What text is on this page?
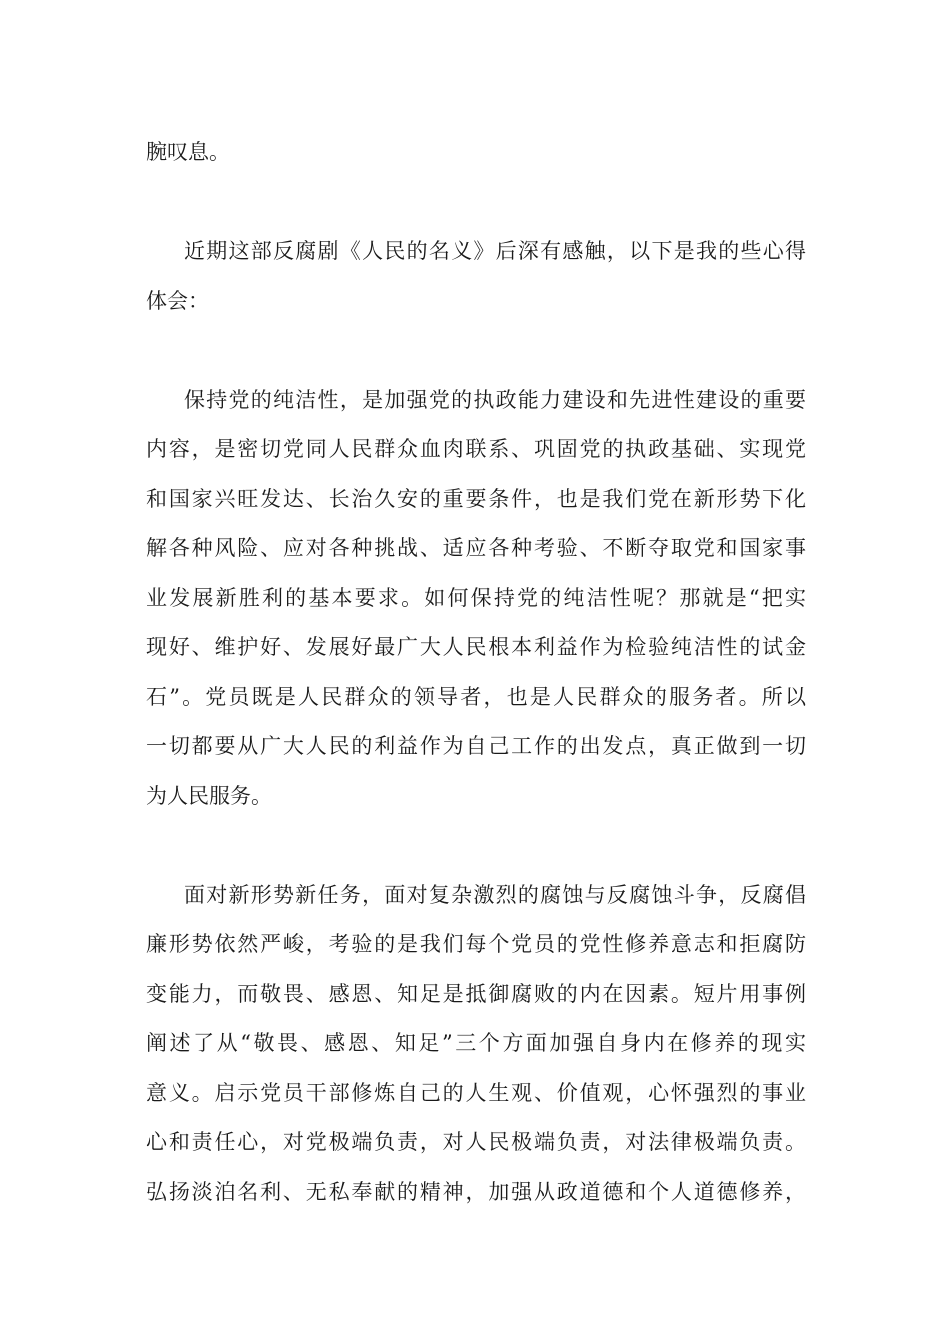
腕叹息。
近期这部反腐剧《人民的名义》后深有感触，以下是我的些心得
体会：
保持党的纯洁性，是加强党的执政能力建设和先进性建设的重要
内容，是密切党同人民群众血肉联系、巩固党的执政基础、实现党
和国家兴旺发达、长治久安的重要条件，也是我们党在新形势下化
解各种风险、应对各种挑战、适应各种考验、不断夺取党和国家事
业发展新胜利的基本要求。如何保持党的纯洁性呢？那就是“把实
现好、维护好、发展好最广大人民根本利益作为检验纯洁性的试金
石”。党员既是人民群众的领导者，也是人民群众的服务者。所以
一切都要从广大人民的利益作为自己工作的出发点，真正做到一切
为人民服务。
面对新形势新任务，面对复杂激烈的腐蚀与反腐蚀斗争，反腐倡
廉形势依然严峻，考验的是我们每个党员的党性修养意志和拒腐防
变能力，而敬畏、感恩、知足是抵御腐败的内在因素。短片用事例
阐述了从“敬畏、感恩、知足”三个方面加强自身内在修养的现实
意义。启示党员干部修炼自己的人生观、价值观，心怀强烈的事业
心和责任心，对党极端负责，对人民极端负责，对法律极端负责。
弘扬淡泊名利、无私奉献的精神，加强从政道德和个人道德修养，
